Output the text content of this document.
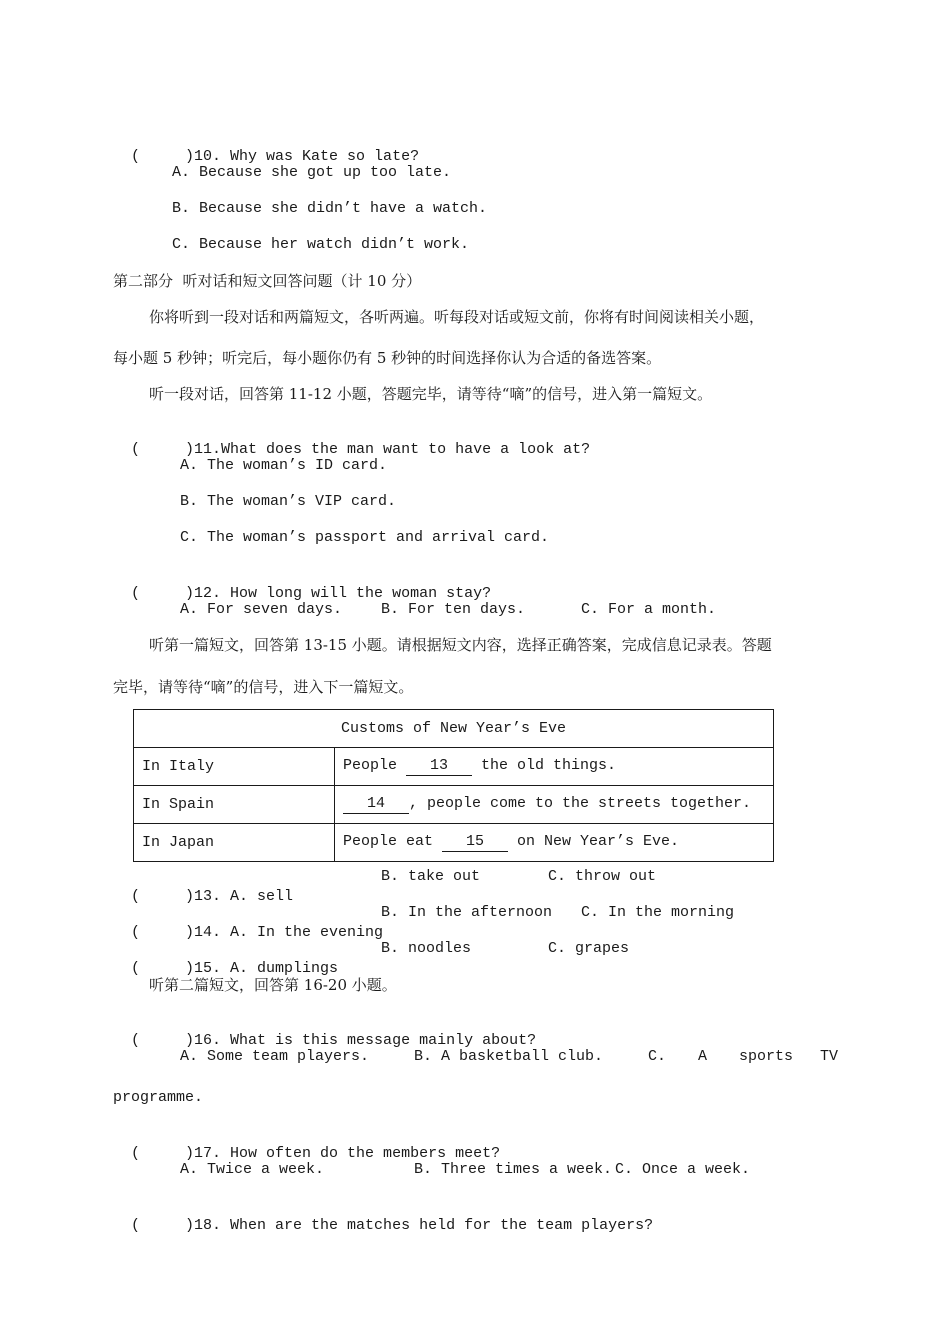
(     )10. Why was Kate so late?

A. Because she got up too late.
B. Because she didn’t have a watch.
C. Because her watch didn’t work.
第二部分  听对话和短文回答问题（计 10 分）
你将听到一段对话和两篇短文，各听两遍。听每段对话或短文前，你将有时间阅读相关小题，
每小题 5 秒钟；听完后，每小题你仍有 5 秒钟的时间选择你认为合适的备选答案。
听一段对话，回答第 11-12 小题，答题完毕，请等待“嘀”的信号，进入第一篇短文。

(     )11.What does the man want to have a look at?

A. The woman’s ID card.
B. The woman’s VIP card.
C. The woman’s passport and arrival card.

(     )12. How long will the woman stay?

A. For seven days.	B. For ten days.	C. For a month.
听第一篇短文，回答第 13-15 小题。请根据短文内容，选择正确答案，完成信息记录表。答题
完毕，请等待“嘀”的信号，进入下一篇短文。
Customs of New Year’s Eve	
In Italy	People 13 the old things.
In Spain	14 , people come to the streets together.
In Japan	People eat 15 on New Year’s Eve.

(     )13. A. sell

B. take out	C. throw out

(     )14. A. In the evening

B. In the afternoon C. In the morning

(     )15. A. dumplings

B. noodles	C. grapes
听第二篇短文，回答第 16-20 小题。

(     )16. What is this message mainly about?

A. Some team players.	B. A basketball club.	C. A sports TV
programme.

(     )17. How often do the members meet?

A. Twice a week.	B. Three times a week. C. Once a week.

(     )18. When are the matches held for the team players?
